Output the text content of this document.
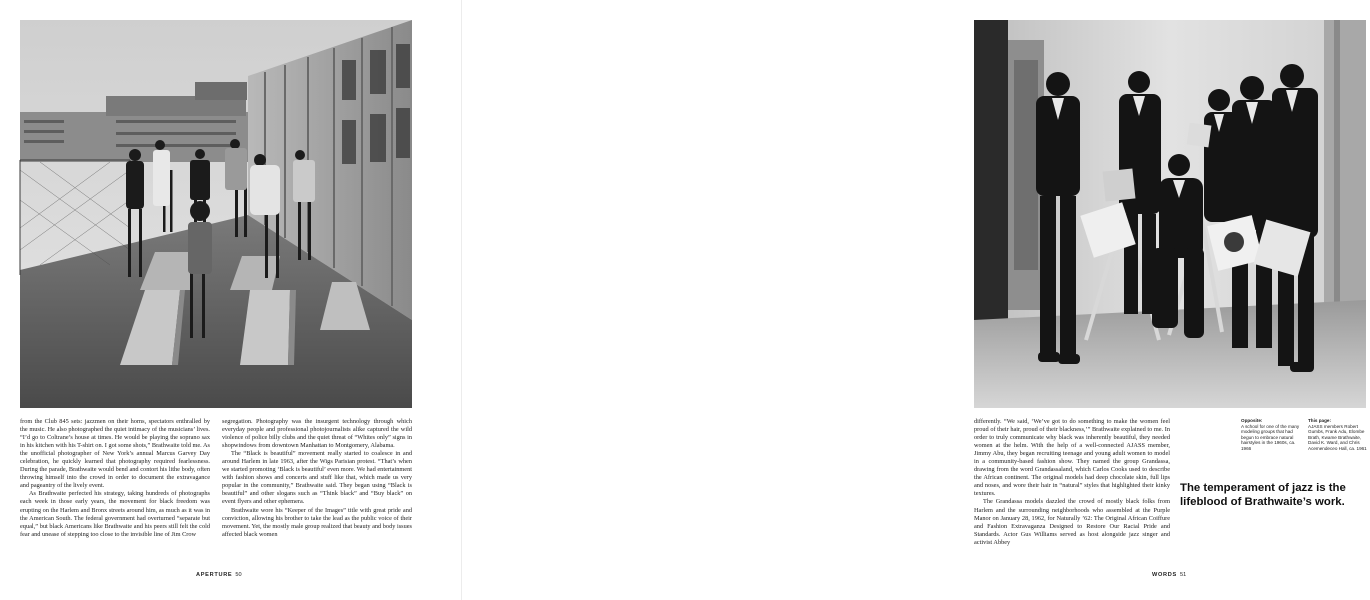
from the Club 845 sets: jazzmen on their horns, spectators enthralled by the music. He also photographed the quiet intimacy of the musicians’ lives. “I’d go to Coltrane’s house at times. He would be playing the soprano sax in his kitchen with his T-shirt on. I got some shots,” Brathwaite told me. As the unofficial photographer of New York’s annual Marcus Garvey Day celebration, he quickly learned that photography required fearlessness. During the parade, Brathwaite would bend and contort his lithe body, often throwing himself into the crowd in order to document the extravagance and pageantry of the lively event.

As Brathwaite perfected his strategy, taking hundreds of photographs each week in those early years, the movement for black freedom was erupting on the Harlem and Bronx streets around him, as much as it was in the American South. The federal government had overturned “separate but equal,” but black Americans like Brathwaite and his peers still felt the cold fear and unease of stepping too close to the invisible line of Jim Crow

segregation. Photography was the insurgent technology through which everyday people and professional photojournalists alike captured the wild violence of police billy clubs and the quiet threat of “Whites only” signs in shopwindows from downtown Manhattan to Montgomery, Alabama.

The “Black is beautiful” movement really started to coalesce in and around Harlem in late 1963, after the Wigs Parisian protest. “That’s when we started promoting ‘Black is beautiful’ even more. We had entertainment with fashion shows and concerts and stuff like that, which made us very popular in the community,” Brathwaite said. They began using “Black is beautiful” and other slogans such as “Think black” and “Buy black” on event flyers and other ephemera.

Brathwaite wore his “Keeper of the Images” title with great pride and conviction, allowing his brother to take the lead as the public voice of their movement. Yet, the mostly male group realized that beauty and body issues affected black women

APERTURE 50

differently. “We said, ‘We’ve got to do something to make the women feel proud of their hair, proud of their blackness,’” Brathwaite explained to me. In order to truly communicate why black was inherently beautiful, they needed women at the helm. With the help of a well-connected AJASS member, Jimmy Abu, they began recruiting teenage and young adult women to model in a community-based fashion show. They named the group Grandassa, drawing from the word Grandassaland, which Carlos Cooks used to describe the African continent. The original models had deep chocolate skin, full lips and noses, and wore their hair in “natural” styles that highlighted their kinky textures.

The Grandassa models dazzled the crowd of mostly black folks from Harlem and the surrounding neighborhoods who assembled at the Purple Manor on January 28, 1962, for Naturally ’62: The Original African Coiffure and Fashion Extravaganza Designed to Restore Our Racial Pride and Standards. Actor Gus Williams served as host alongside jazz singer and activist Abbey

Opposite:
A school for one of the many modeling groups that had begun to embrace natural hairstyles in the 1960s, ca. 1966
This page:
AJASS members Robert Gumbs, Frank Adu, Elombe Brath, Kwame Brathwaite, David K. Ward, and Chris Acemendeceo Hall, ca. 1961
The temperament of jazz is the lifeblood of Brathwaite’s work.
WORDS 51
